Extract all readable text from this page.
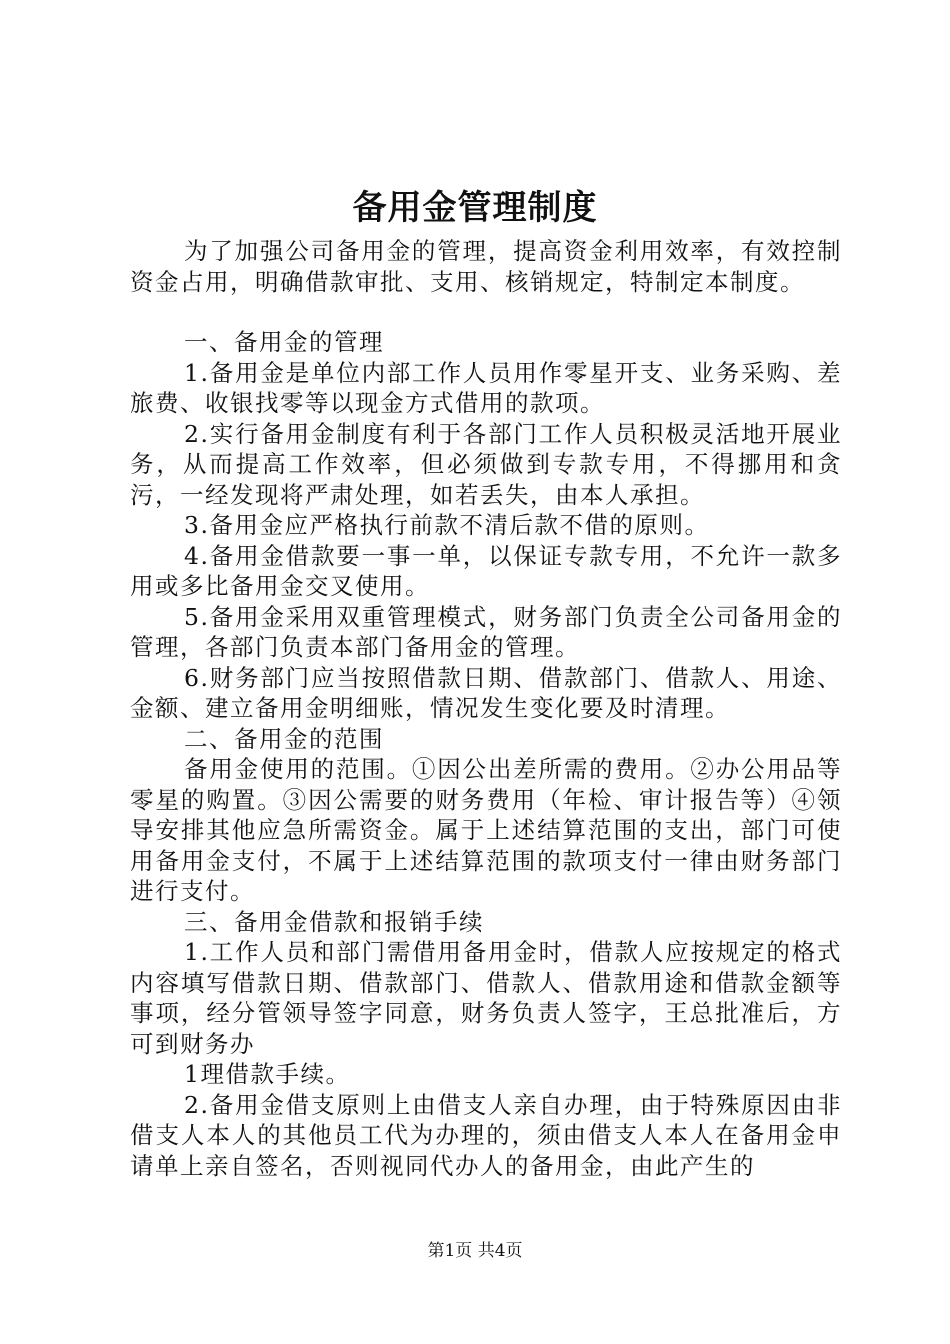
备用金管理制度

为了加强公司备用金的管理，提高资金利用效率，有效控制资金占用，明确借款审批、支用、核销规定，特制定本制度。

一、备用金的管理

1.备用金是单位内部工作人员用作零星开支、业务采购、差旅费、收银找零等以现金方式借用的款项。

2.实行备用金制度有利于各部门工作人员积极灵活地开展业务，从而提高工作效率，但必须做到专款专用，不得挪用和贪污，一经发现将严肃处理，如若丢失，由本人承担。

3.备用金应严格执行前款不清后款不借的原则。

4.备用金借款要一事一单，以保证专款专用，不允许一款多用或多比备用金交叉使用。

5.备用金采用双重管理模式，财务部门负责全公司备用金的管理，各部门负责本部门备用金的管理。

6.财务部门应当按照借款日期、借款部门、借款人、用途、金额、建立备用金明细账，情况发生变化要及时清理。

二、备用金的范围

备用金使用的范围。①因公出差所需的费用。②办公用品等零星的购置。③因公需要的财务费用（年检、审计报告等）④领导安排其他应急所需资金。属于上述结算范围的支出，部门可使用备用金支付，不属于上述结算范围的款项支付一律由财务部门进行支付。

三、备用金借款和报销手续

1.工作人员和部门需借用备用金时，借款人应按规定的格式内容填写借款日期、借款部门、借款人、借款用途和借款金额等事项，经分管领导签字同意，财务负责人签字，王总批准后，方可到财务办

1理借款手续。

2.备用金借支原则上由借支人亲自办理，由于特殊原因由非借支人本人的其他员工代为办理的，须由借支人本人在备用金申请单上亲自签名，否则视同代办人的备用金，由此产生的

第1页 共4页
